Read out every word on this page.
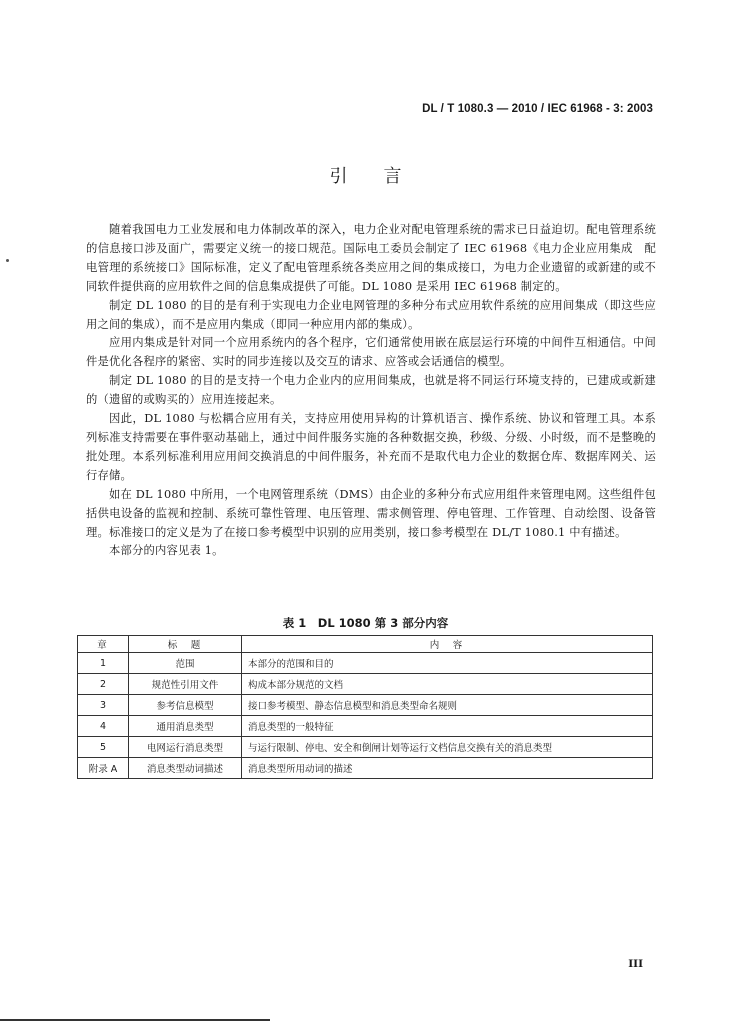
DL / T 1080.3 — 2010 / IEC 61968 - 3: 2003
引言

随着我国电力工业发展和电力体制改革的深入，电力企业对配电管理系统的需求已日益迫切。配电管理系统的信息接口涉及面广，需要定义统一的接口规范。国际电工委员会制定了 IEC 61968《电力企业应用集成　配电管理的系统接口》国际标准，定义了配电管理系统各类应用之间的集成接口，为电力企业遗留的或新建的或不同软件提供商的应用软件之间的信息集成提供了可能。DL 1080 是采用 IEC 61968 制定的。

制定 DL 1080 的目的是有利于实现电力企业电网管理的多种分布式应用软件系统的应用间集成（即这些应用之间的集成），而不是应用内集成（即同一种应用内部的集成）。

应用内集成是针对同一个应用系统内的各个程序，它们通常使用嵌在底层运行环境的中间件互相通信。中间件是优化各程序的紧密、实时的同步连接以及交互的请求、应答或会话通信的模型。

制定 DL 1080 的目的是支持一个电力企业内的应用间集成，也就是将不同运行环境支持的，已建成或新建的（遗留的或购买的）应用连接起来。

因此，DL 1080 与松耦合应用有关，支持应用使用异构的计算机语言、操作系统、协议和管理工具。本系列标准支持需要在事件驱动基础上，通过中间件服务实施的各种数据交换，秒级、分级、小时级，而不是整晚的批处理。本系列标准利用应用间交换消息的中间件服务，补充而不是取代电力企业的数据仓库、数据库网关、运行存储。

如在 DL 1080 中所用，一个电网管理系统（DMS）由企业的多种分布式应用组件来管理电网。这些组件包括供电设备的监视和控制、系统可靠性管理、电压管理、需求侧管理、停电管理、工作管理、自动绘图、设备管理。标准接口的定义是为了在接口参考模型中识别的应用类别，接口参考模型在 DL/T 1080.1 中有描述。

本部分的内容见表 1。

表 1　DL 1080 第 3 部分内容
章	标　题	内　容
1	范围	本部分的范围和目的
2	规范性引用文件	构成本部分规范的文档
3	参考信息模型	接口参考模型、静态信息模型和消息类型命名规则
4	通用消息类型	消息类型的一般特征
5	电网运行消息类型	与运行限制、停电、安全和倒闸计划等运行文档信息交换有关的消息类型
附录 A	消息类型动词描述	消息类型所用动词的描述
III
